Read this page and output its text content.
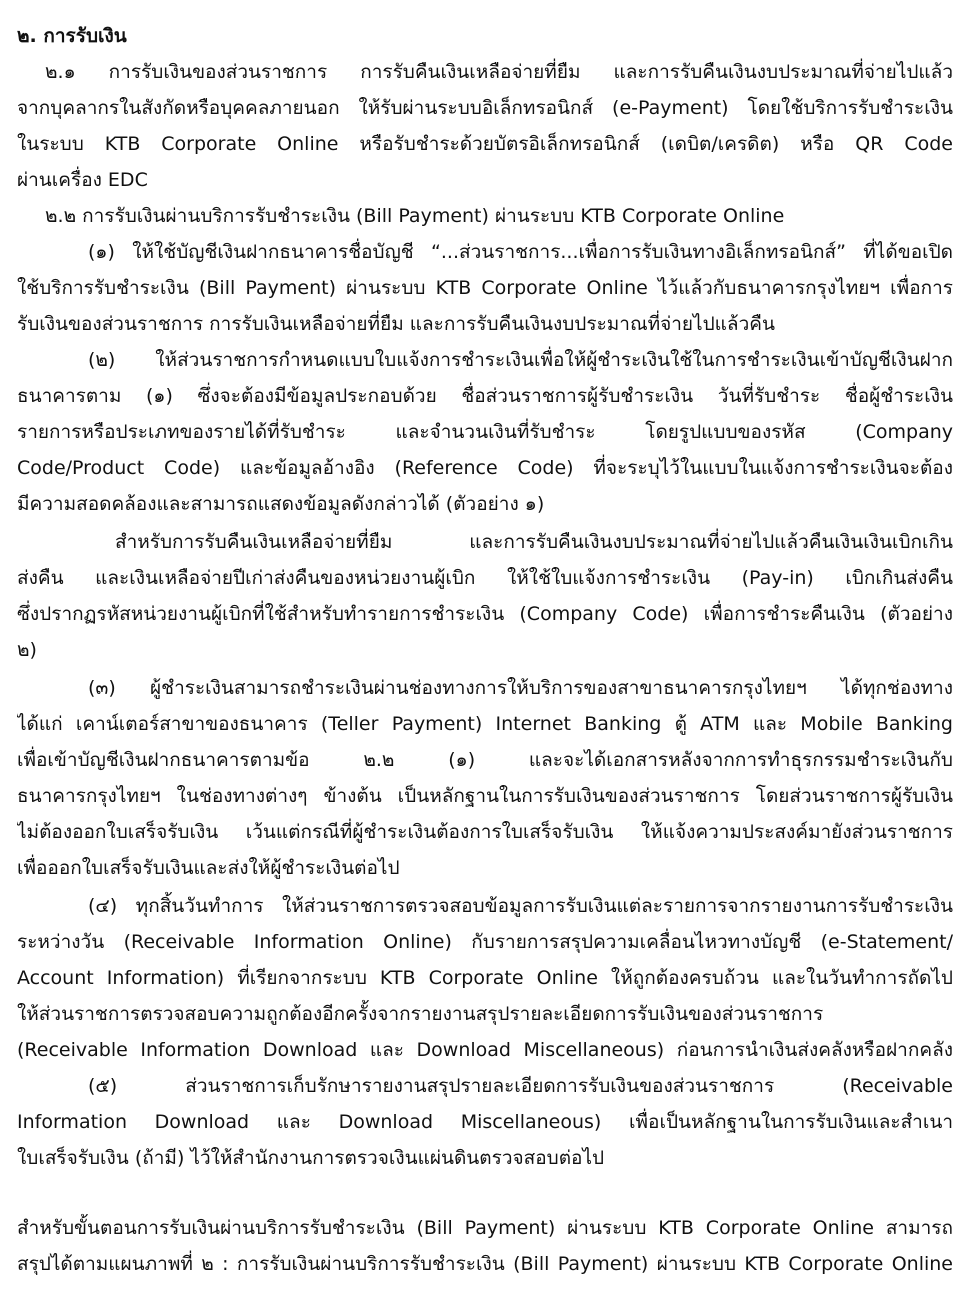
๒. การรับเงิน

๒.๑ การรับเงินของส่วนราชการ การรับคืนเงินเหลือจ่ายที่ยืม และการรับคืนเงินงบประมาณที่จ่ายไปแล้ว

จากบุคลากรในสังกัดหรือบุคคลภายนอก ให้รับผ่านระบบอิเล็กทรอนิกส์ (e-Payment) โดยใช้บริการรับชำระเงิน

ในระบบ KTB Corporate Online หรือรับชำระด้วยบัตรอิเล็กทรอนิกส์ (เดบิต/เครดิต) หรือ QR Code

ผ่านเครื่อง EDC

๒.๒ การรับเงินผ่านบริการรับชำระเงิน (Bill Payment) ผ่านระบบ KTB Corporate Online

(๑) ให้ใช้บัญชีเงินฝากธนาคารชื่อบัญชี “...ส่วนราชการ...เพื่อการรับเงินทางอิเล็กทรอนิกส์” ที่ได้ขอเปิด

ใช้บริการรับชำระเงิน (Bill Payment) ผ่านระบบ KTB Corporate Online ไว้แล้วกับธนาคารกรุงไทยฯ เพื่อการ

รับเงินของส่วนราชการ การรับเงินเหลือจ่ายที่ยืม และการรับคืนเงินงบประมาณที่จ่ายไปแล้วคืน

(๒) ให้ส่วนราชการกำหนดแบบใบแจ้งการชำระเงินเพื่อให้ผู้ชำระเงินใช้ในการชำระเงินเข้าบัญชีเงินฝาก

ธนาคารตาม (๑) ซึ่งจะต้องมีข้อมูลประกอบด้วย ชื่อส่วนราชการผู้รับชำระเงิน วันที่รับชำระ ชื่อผู้ชำระเงิน

รายการหรือประเภทของรายได้ที่รับชำระ และจำนวนเงินที่รับชำระ โดยรูปแบบของรหัส (Company

Code/Product Code) และข้อมูลอ้างอิง (Reference Code) ที่จะระบุไว้ในแบบในแจ้งการชำระเงินจะต้อง

มีความสอดคล้องและสามารถแสดงข้อมูลดังกล่าวได้ (ตัวอย่าง ๑)

สำหรับการรับคืนเงินเหลือจ่ายที่ยืม และการรับคืนเงินงบประมาณที่จ่ายไปแล้วคืนเงินเงินเบิกเกิน

ส่งคืน และเงินเหลือจ่ายปีเก่าส่งคืนของหน่วยงานผู้เบิก ให้ใช้ใบแจ้งการชำระเงิน (Pay-in) เบิกเกินส่งคืน

ซึ่งปรากฏรหัสหน่วยงานผู้เบิกที่ใช้สำหรับทำรายการชำระเงิน (Company Code) เพื่อการชำระคืนเงิน (ตัวอย่าง

๒)

(๓) ผู้ชำระเงินสามารถชำระเงินผ่านช่องทางการให้บริการของสาขาธนาคารกรุงไทยฯ ได้ทุกช่องทาง

ได้แก่ เคาน์เตอร์สาขาของธนาคาร (Teller Payment) Internet Banking ตู้ ATM และ Mobile Banking

เพื่อเข้าบัญชีเงินฝากธนาคารตามข้อ ๒.๒ (๑) และจะได้เอกสารหลังจากการทำธุรกรรมชำระเงินกับ

ธนาคารกรุงไทยฯ ในช่องทางต่างๆ ข้างต้น เป็นหลักฐานในการรับเงินของส่วนราชการ โดยส่วนราชการผู้รับเงิน

ไม่ต้องออกใบเสร็จรับเงิน เว้นแต่กรณีที่ผู้ชำระเงินต้องการใบเสร็จรับเงิน ให้แจ้งความประสงค์มายังส่วนราชการ

เพื่อออกใบเสร็จรับเงินและส่งให้ผู้ชำระเงินต่อไป

(๔) ทุกสิ้นวันทำการ ให้ส่วนราชการตรวจสอบข้อมูลการรับเงินแต่ละรายการจากรายงานการรับชำระเงิน

ระหว่างวัน (Receivable Information Online) กับรายการสรุปความเคลื่อนไหวทางบัญชี (e-Statement/

Account Information) ที่เรียกจากระบบ KTB Corporate Online ให้ถูกต้องครบถ้วน และในวันทำการถัดไป

ให้ส่วนราชการตรวจสอบความถูกต้องอีกครั้งจากรายงานสรุปรายละเอียดการรับเงินของส่วนราชการ

(Receivable Information Download และ Download Miscellaneous) ก่อนการนำเงินส่งคลังหรือฝากคลัง

(๕) ส่วนราชการเก็บรักษารายงานสรุปรายละเอียดการรับเงินของส่วนราชการ (Receivable

Information Download และ Download Miscellaneous) เพื่อเป็นหลักฐานในการรับเงินและสำเนา

ใบเสร็จรับเงิน (ถ้ามี) ไว้ให้สำนักงานการตรวจเงินแผ่นดินตรวจสอบต่อไป

สำหรับขั้นตอนการรับเงินผ่านบริการรับชำระเงิน (Bill Payment) ผ่านระบบ KTB Corporate Online สามารถ

สรุปได้ตามแผนภาพที่ ๒ : การรับเงินผ่านบริการรับชำระเงิน (Bill Payment) ผ่านระบบ KTB Corporate Online
